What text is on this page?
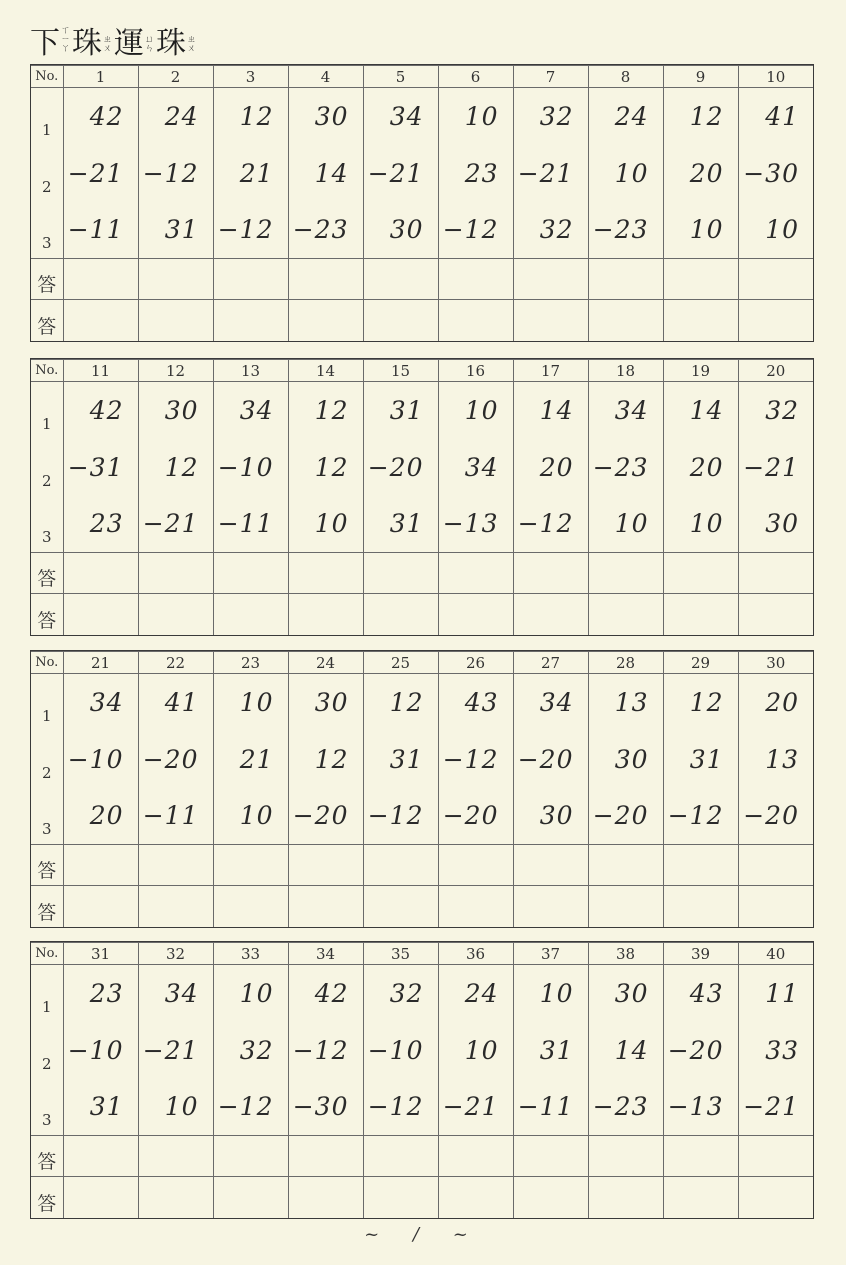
下 ㄒ
ㄧ
ㄚ 珠 ㄓ
ㄨ 運 ㄩ
ㄣ 珠 ㄓ
ㄨ
No.	1	2	3	4	5	6	7	8	9	10
1	42	24	12	30	34	10	32	24	12	41
2	−21	−12	21	14	−21	23	−21	10	20	−30
3	−11	31	−12	−23	30	−12	32	−23	10	10
答										
答										
No.	11	12	13	14	15	16	17	18	19	20
1	42	30	34	12	31	10	14	34	14	32
2	−31	12	−10	12	−20	34	20	−23	20	−21
3	23	−21	−11	10	31	−13	−12	10	10	30
答										
答										
No.	21	22	23	24	25	26	27	28	29	30
1	34	41	10	30	12	43	34	13	12	20
2	−10	−20	21	12	31	−12	−20	30	31	13
3	20	−11	10	−20	−12	−20	30	−20	−12	−20
答										
答										
No.	31	32	33	34	35	36	37	38	39	40
1	23	34	10	42	32	24	10	30	43	11
2	−10	−21	32	−12	−10	10	31	14	−20	33
3	31	10	−12	−30	−12	−21	−11	−23	−13	−21
答										
答										
~ / ~
